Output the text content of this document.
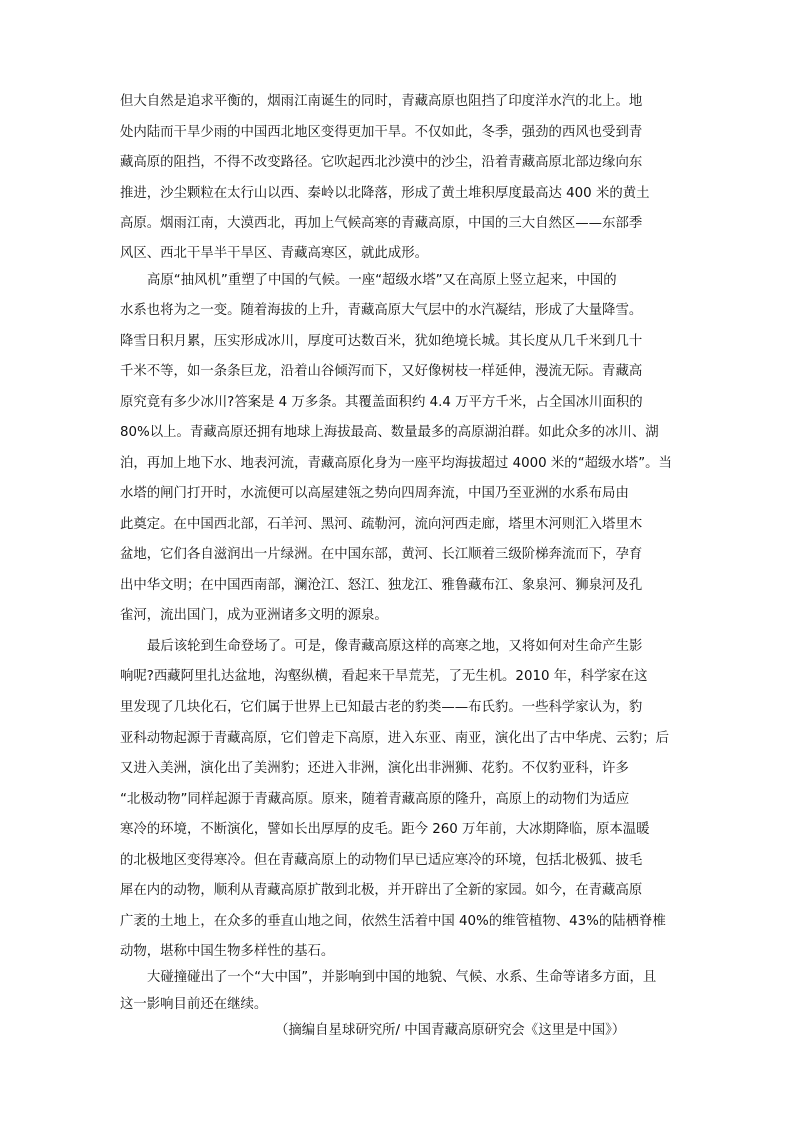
但大自然是追求平衡的，烟雨江南诞生的同时，青藏高原也阻挡了印度洋水汽的北上。地
处内陆而干旱少雨的中国西北地区变得更加干旱。不仅如此，冬季，强劲的西风也受到青
藏高原的阻挡，不得不改变路径。它吹起西北沙漠中的沙尘，沿着青藏高原北部边缘向东
推进，沙尘颗粒在太行山以西、秦岭以北降落，形成了黄土堆积厚度最高达 400 米的黄土
高原。烟雨江南，大漠西北，再加上气候高寒的青藏高原，中国的三大自然区——东部季
风区、西北干旱半干旱区、青藏高寒区，就此成形。
高原“抽风机”重塑了中国的气候。一座“超级水塔”又在高原上竖立起来，中国的
水系也将为之一变。随着海拔的上升，青藏高原大气层中的水汽凝结，形成了大量降雪。
降雪日积月累，压实形成冰川，厚度可达数百米，犹如绝境长城。其长度从几千米到几十
千米不等，如一条条巨龙，沿着山谷倾泻而下，又好像树枝一样延伸，漫流无际。青藏高
原究竟有多少冰川?答案是 4 万多条。其覆盖面积约 4.4 万平方千米，占全国冰川面积的
80%以上。青藏高原还拥有地球上海拔最高、数量最多的高原湖泊群。如此众多的冰川、湖
泊，再加上地下水、地表河流，青藏高原化身为一座平均海拔超过 4000 米的“超级水塔”。当
水塔的闸门打开时，水流便可以高屋建瓴之势向四周奔流，中国乃至亚洲的水系布局由
此奠定。在中国西北部，石羊河、黑河、疏勒河，流向河西走廊，塔里木河则汇入塔里木
盆地，它们各自滋润出一片绿洲。在中国东部，黄河、长江顺着三级阶梯奔流而下，孕育
出中华文明；在中国西南部，澜沧江、怒江、独龙江、雅鲁藏布江、象泉河、狮泉河及孔
雀河，流出国门，成为亚洲诸多文明的源泉。
最后该轮到生命登场了。可是，像青藏高原这样的高寒之地，又将如何对生命产生影
响呢?西藏阿里扎达盆地，沟壑纵横，看起来干旱荒芜，了无生机。2010 年，科学家在这
里发现了几块化石，它们属于世界上已知最古老的豹类——布氏豹。一些科学家认为，豹
亚科动物起源于青藏高原，它们曾走下高原，进入东亚、南亚，演化出了古中华虎、云豹；后
又进入美洲，演化出了美洲豹；还进入非洲，演化出非洲狮、花豹。不仅豹亚科，许多
“北极动物”同样起源于青藏高原。原来，随着青藏高原的隆升，高原上的动物们为适应
寒冷的环境，不断演化，譬如长出厚厚的皮毛。距今 260 万年前，大冰期降临，原本温暖
的北极地区变得寒冷。但在青藏高原上的动物们早已适应寒冷的环境，包括北极狐、披毛
犀在内的动物，顺利从青藏高原扩散到北极，并开辟出了全新的家园。如今，在青藏高原
广袤的土地上，在众多的垂直山地之间，依然生活着中国 40%的维管植物、43%的陆栖脊椎
动物，堪称中国生物多样性的基石。
大碰撞碰出了一个“大中国”，并影响到中国的地貌、气候、水系、生命等诸多方面，且
这一影响目前还在继续。
（摘编自星球研究所/ 中国青藏高原研究会《这里是中国》）
